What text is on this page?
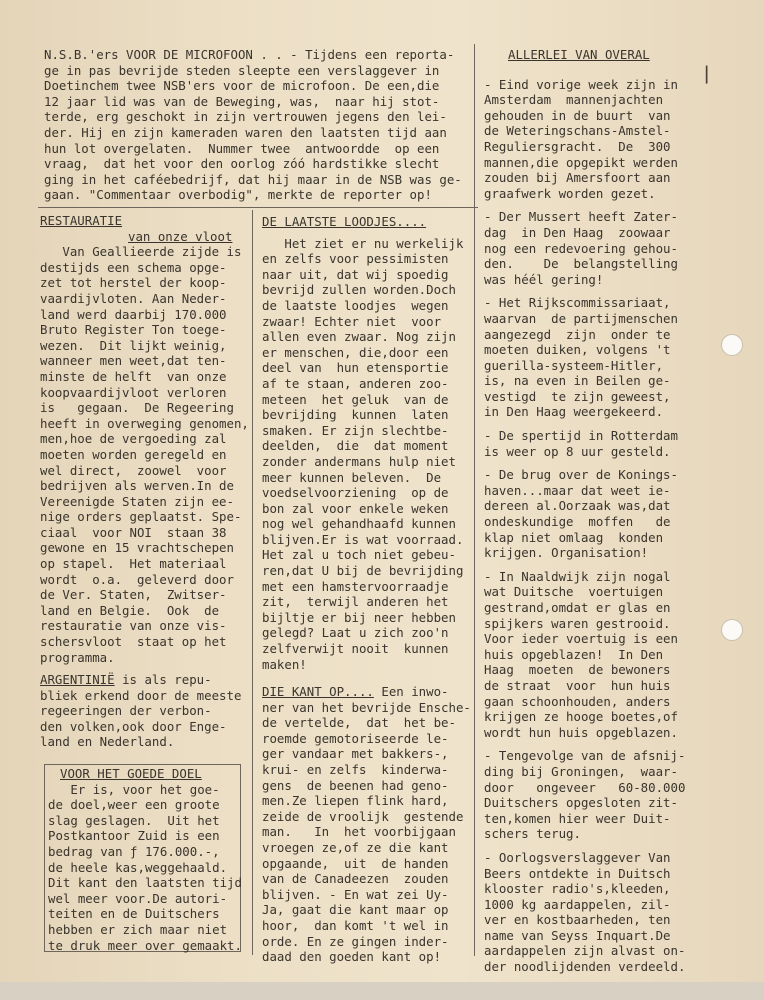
❘
N.S.B.'ers VOOR DE MICROFOON . . - Tijdens een reporta-
ge in pas bevrijde steden sleepte een verslaggever in
Doetinchem twee NSB'ers voor de microfoon. De een,die
12 jaar lid was van de Beweging, was,  naar hij stot-
terde, erg geschokt in zijn vertrouwen jegens den lei-
der. Hij en zijn kameraden waren den laatsten tijd aan
hun lot overgelaten.  Nummer twee  antwoordde  op een
vraag,  dat het voor den oorlog zóó hardstikke slecht
ging in het caféebedrijf, dat hij maar in de NSB was ge-
gaan. "Commentaar overbodig", merkte de reporter op!
RESTAURATIE
van onze vloot
Van Geallieerde zijde is
destijds een schema opge-
zet tot herstel der koop-
vaardijvloten. Aan Neder-
land werd daarbij 170.000
Bruto Register Ton toege-
wezen.  Dit lijkt weinig,
wanneer men weet,dat ten-
minste de helft  van onze
koopvaardijvloot verloren
is   gegaan.  De Regeering
heeft in overweging genomen,
men,hoe de vergoeding zal
moeten worden geregeld en
wel direct,  zoowel  voor
bedrijven als werven.In de
Vereenigde Staten zijn ee-
nige orders geplaatst. Spe-
ciaal  voor NOI  staan 38
gewone en 15 vrachtschepen
op stapel.  Het materiaal
wordt  o.a.  geleverd door
de Ver. Staten,  Zwitser-
land en Belgie.  Ook  de
restauratie van onze vis-
schersvloot  staat op het
programma.
ARGENTINIË is als repu-
bliek erkend door de meeste
regeeringen der verbon-
den volken,ook door Enge-
land en Nederland.
VOOR HET GOEDE DOEL
Er is, voor het goe-
de doel,weer een groote
slag geslagen.  Uit het
Postkantoor Zuid is een
bedrag van ƒ 176.000.-,
de heele kas,weggehaald.
Dit kant den laatsten tijd
wel meer voor.De autori-
teiten en de Duitschers
hebben er zich maar niet
te druk meer over gemaakt.
DE LAATSTE LOODJES....
Het ziet er nu werkelijk
en zelfs voor pessimisten
naar uit, dat wij spoedig
bevrijd zullen worden.Doch
de laatste loodjes  wegen
zwaar! Echter niet  voor
allen even zwaar. Nog zijn
er menschen, die,door een
deel van  hun etensportie
af te staan, anderen zoo-
meteen  het geluk  van de
bevrijding  kunnen  laten
smaken. Er zijn slechtbe-
deelden,  die  dat moment
zonder andermans hulp niet
meer kunnen beleven.  De
voedselvoorziening  op de
bon zal voor enkele weken
nog wel gehandhaafd kunnen
blijven.Er is wat voorraad.
Het zal u toch niet gebeu-
ren,dat U bij de bevrijding
met een hamstervoorraadje
zit,  terwijl anderen het
bijltje er bij neer hebben
gelegd? Laat u zich zoo'n
zelfverwijt nooit  kunnen
maken!
DIE KANT OP.... Een inwo-
ner van het bevrijde Ensche-
de vertelde,  dat  het be-
roemde gemotoriseerde le-
ger vandaar met bakkers-,
krui- en zelfs  kinderwa-
gens  de beenen had geno-
men.Ze liepen flink hard,
zeide de vroolijk  gestende
man.   In  het voorbijgaan
vroegen ze,of ze die kant
opgaande,  uit  de handen
van de Canadeezen  zouden
blijven. - En wat zei Uy-
Ja, gaat die kant maar op
hoor,  dan komt 't wel in
orde. En ze gingen inder-
daad den goeden kant op!
ALLERLEI VAN OVERAL
- Eind vorige week zijn in
Amsterdam  mannenjachten
gehouden in de buurt  van
de Weteringschans-Amstel-
Reguliersgracht.  De  300
mannen,die opgepikt werden
zouden bij Amersfoort aan
graafwerk worden gezet.
- Der Mussert heeft Zater-
dag  in Den Haag  zoowaar
nog een redevoering gehou-
den.    De  belangstelling
was héél gering!
- Het Rijkscommissariaat,
waarvan  de partijmenschen
aangezegd  zijn  onder te
moeten duiken, volgens 't
guerilla-systeem-Hitler,
is, na even in Beilen ge-
vestigd  te zijn geweest,
in Den Haag weergekeerd.
- De spertijd in Rotterdam
is weer op 8 uur gesteld.
- De brug over de Konings-
haven...maar dat weet ie-
dereen al.Oorzaak was,dat
ondeskundige  moffen   de
klap niet omlaag  konden
krijgen. Organisation!
- In Naaldwijk zijn nogal
wat Duitsche  voertuigen
gestrand,omdat er glas en
spijkers waren gestrooid.
Voor ieder voertuig is een
huis opgeblazen!  In Den
Haag  moeten  de bewoners
de straat  voor  hun huis
gaan schoonhouden, anders
krijgen ze hooge boetes,of
wordt hun huis opgeblazen.
- Tengevolge van de afsnij-
ding bij Groningen,  waar-
door   ongeveer   60-80.000
Duitschers opgesloten zit-
ten,komen hier weer Duit-
schers terug.
- Oorlogsverslaggever Van
Beers ontdekte in Duitsch
klooster radio's,kleeden,
1000 kg aardappelen, zil-
ver en kostbaarheden, ten
name van Seyss Inquart.De
aardappelen zijn alvast on-
der noodlijdenden verdeeld.
